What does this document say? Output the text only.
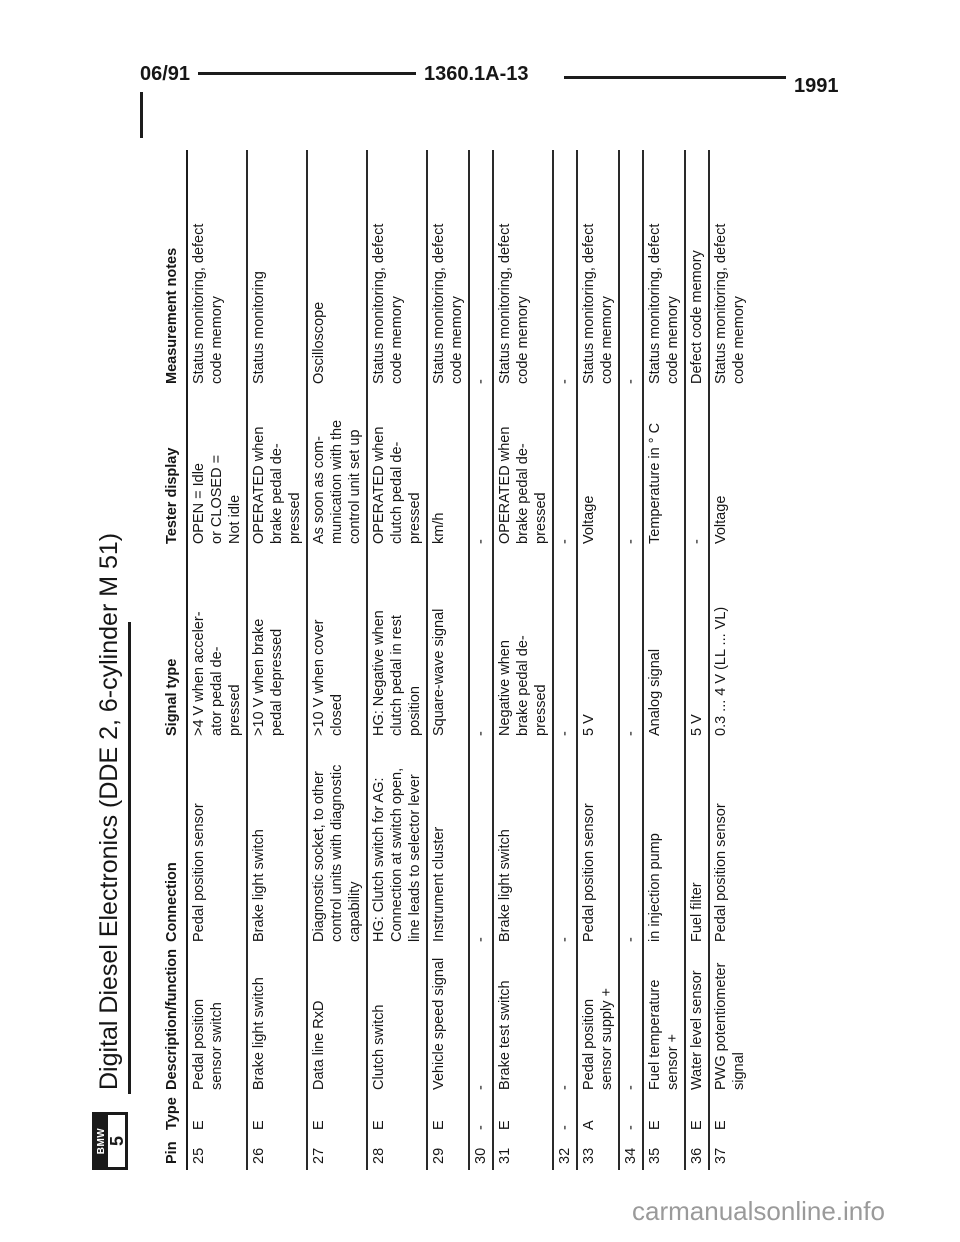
06/91	1360.1A-13
1991
BMW 5
Digital Diesel Electronics (DDE 2, 6-cylinder M 51)
Pin	Type	Description/function	Connection	Signal type	Tester display	Measurement notes
25	E	Pedal position sensor switch	Pedal position sensor	>4 V when acceler-
ator pedal de-
pressed	OPEN = Idle
or CLOSED =
Not idle	Status monitoring, defect
code memory
26	E	Brake light switch	Brake light switch	>10 V when brake
pedal depressed	OPERATED when
brake pedal de-
pressed	Status monitoring
27	E	Data line RxD	Diagnostic socket, to other
control units with diagnostic
capability	>10 V when cover
closed	As soon as com-
munication with the
control unit set up	Oscilloscope
28	E	Clutch switch	HG: Clutch switch for AG:
Connection at switch open,
line leads to selector lever	HG: Negative when
clutch pedal in rest
position	OPERATED when
clutch pedal de-
pressed	Status monitoring, defect
code memory
29	E	Vehicle speed signal	Instrument cluster	Square-wave signal	km/h	Status monitoring, defect
code memory
30	-	-	-	-	-	-
31	E	Brake test switch	Brake light switch	Negative when
brake pedal de-
pressed	OPERATED when
brake pedal de-
pressed	Status monitoring, defect
code memory
32	-	-	-	-	-	-
33	A	Pedal position sensor supply +	Pedal position sensor	5 V	Voltage	Status monitoring, defect
code memory
34	-	-	-	-	-	-
35	E	Fuel temperature sensor +	in injection pump	Analog signal	Temperature in ° C	Status monitoring, defect
code memory
36	E	Water level sensor	Fuel filter	5 V	-	Defect code memory
37	E	PWG potentiometer signal	Pedal position sensor	0.3 ... 4 V (LL ... VL)	Voltage	Status monitoring, defect
code memory
carmanualsonline.info
